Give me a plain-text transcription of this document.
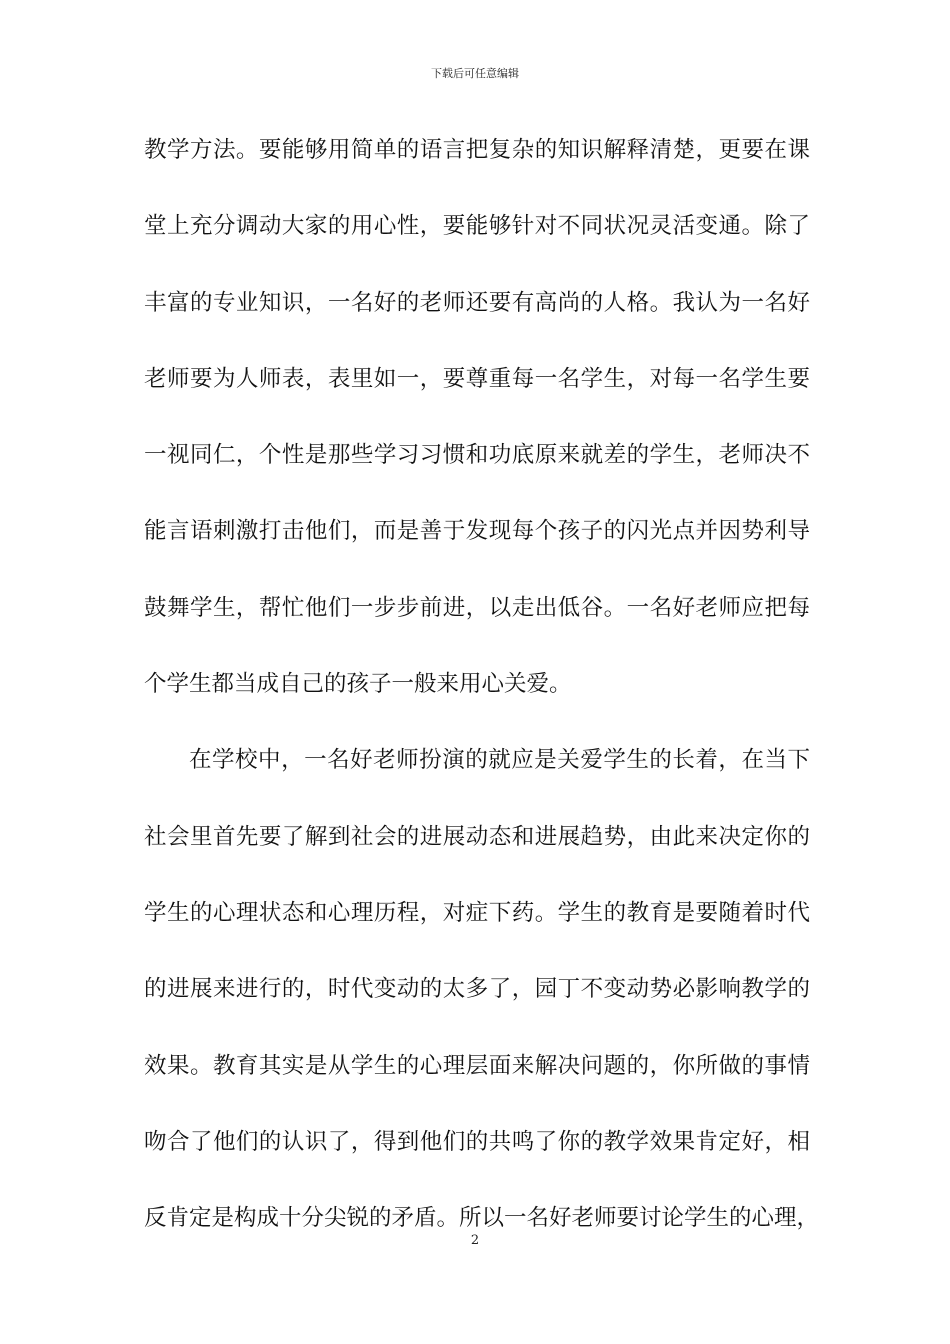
下载后可任意编辑
教学方法。要能够用简单的语言把复杂的知识解释清楚，更要在课
堂上充分调动大家的用心性，要能够针对不同状况灵活变通。除了
丰富的专业知识，一名好的老师还要有高尚的人格。我认为一名好
老师要为人师表，表里如一，要尊重每一名学生，对每一名学生要
一视同仁，个性是那些学习习惯和功底原来就差的学生，老师决不
能言语刺激打击他们，而是善于发现每个孩子的闪光点并因势利导
鼓舞学生，帮忙他们一步步前进，以走出低谷。一名好老师应把每
个学生都当成自己的孩子一般来用心关爱。
在学校中，一名好老师扮演的就应是关爱学生的长着，在当下
社会里首先要了解到社会的进展动态和进展趋势，由此来决定你的
学生的心理状态和心理历程，对症下药。学生的教育是要随着时代
的进展来进行的，时代变动的太多了，园丁不变动势必影响教学的
效果。教育其实是从学生的心理层面来解决问题的，你所做的事情
吻合了他们的认识了，得到他们的共鸣了你的教学效果肯定好，相
反肯定是构成十分尖锐的矛盾。所以一名好老师要讨论学生的心理，
2
